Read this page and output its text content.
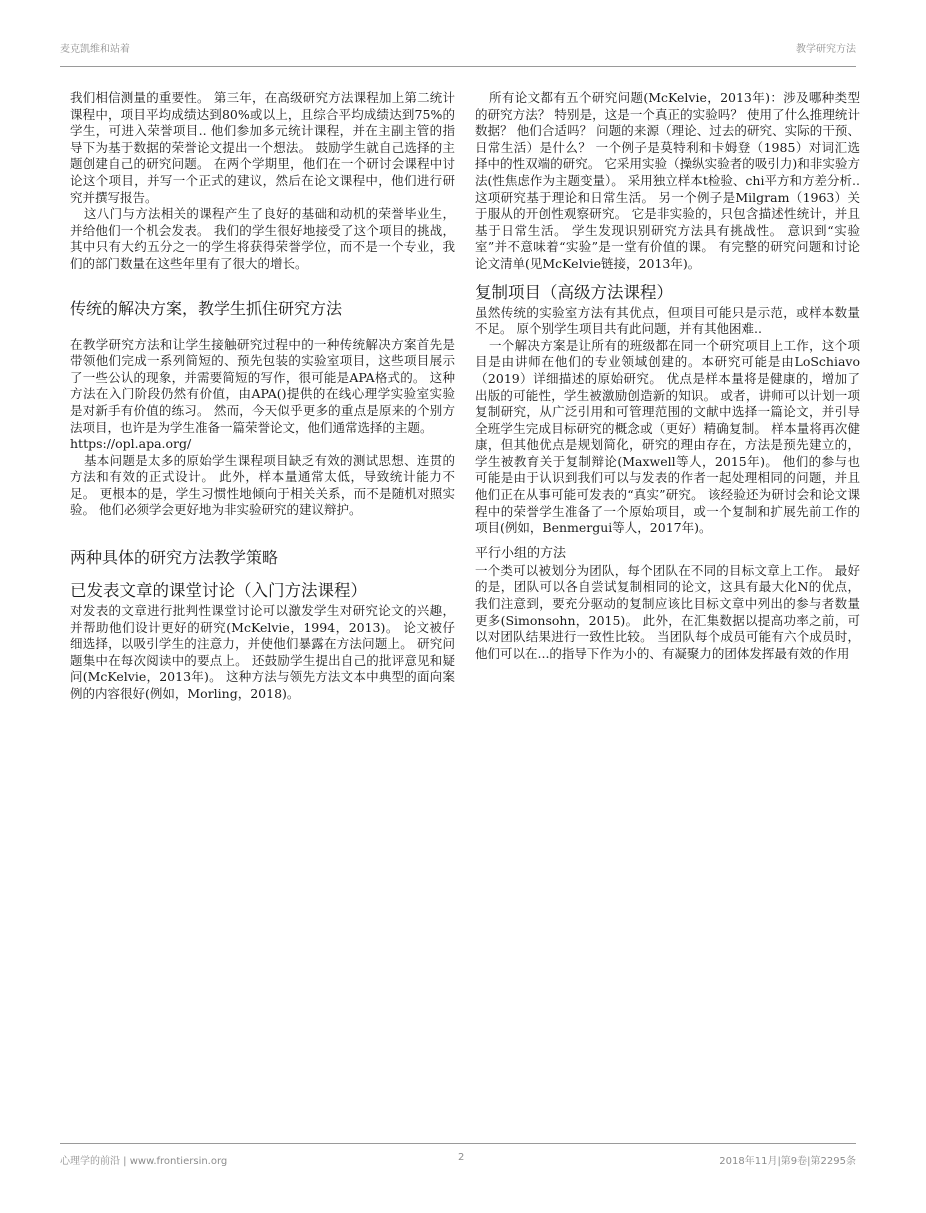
麦克凯维和站着	教学研究方法

我们相信测量的重要性。 第三年，在高级研究方法课程加上第二统计课程中，项目平均成绩达到80%或以上，且综合平均成绩达到75%的学生，可进入荣誉项目.. 他们参加多元统计课程，并在主副主管的指导下为基于数据的荣誉论文提出一个想法。 鼓励学生就自己选择的主题创建自己的研究问题。 在两个学期里，他们在一个研讨会课程中讨论这个项目，并写一个正式的建议，然后在论文课程中，他们进行研究并撰写报告。

这八门与方法相关的课程产生了良好的基础和动机的荣誉毕业生，并给他们一个机会发表。 我们的学生很好地接受了这个项目的挑战，其中只有大约五分之一的学生将获得荣誉学位，而不是一个专业，我们的部门数量在这些年里有了很大的增长。

传统的解决方案，教学生抓住研究方法

在教学研究方法和让学生接触研究过程中的一种传统解决方案首先是带领他们完成一系列简短的、预先包装的实验室项目，这些项目展示了一些公认的现象，并需要简短的写作，很可能是APA格式的。 这种方法在入门阶段仍然有价值，由APA()提供的在线心理学实验室实验是对新手有价值的练习。 然而，今天似乎更多的重点是原来的个别方法项目，也许是为学生准备一篇荣誉论文，他们通常选择的主题。

https://opl.apa.org/

基本问题是太多的原始学生课程项目缺乏有效的测试思想、连贯的方法和有效的正式设计。 此外，样本量通常太低，导致统计能力不足。 更根本的是，学生习惯性地倾向于相关关系，而不是随机对照实验。 他们必须学会更好地为非实验研究的建议辩护。

两种具体的研究方法教学策略
已发表文章的课堂讨论（入门方法课程）

对发表的文章进行批判性课堂讨论可以激发学生对研究论文的兴趣，并帮助他们设计更好的研究(McKelvie，1994，2013)。 论文被仔细选择，以吸引学生的注意力，并使他们暴露在方法问题上。 研究问题集中在每次阅读中的要点上。 还鼓励学生提出自己的批评意见和疑问(McKelvie，2013年)。 这种方法与领先方法文本中典型的面向案例的内容很好(例如，Morling，2018)。

所有论文都有五个研究问题(McKelvie，2013年)：涉及哪种类型的研究方法？ 特别是，这是一个真正的实验吗？ 使用了什么推理统计数据？ 他们合适吗？ 问题的来源（理论、过去的研究、实际的干预、日常生活）是什么？ 一个例子是莫特利和卡姆登（1985）对词汇选择中的性双端的研究。 它采用实验（操纵实验者的吸引力)和非实验方法(性焦虑作为主题变量）。 采用独立样本t检验、chi平方和方差分析.. 这项研究基于理论和日常生活。 另一个例子是Milgram（1963）关于服从的开创性观察研究。 它是非实验的，只包含描述性统计，并且基于日常生活。 学生发现识别研究方法具有挑战性。 意识到“实验室”并不意味着“实验”是一堂有价值的课。 有完整的研究问题和讨论论文清单(见McKelvie链接，2013年)。

复制项目（高级方法课程）

虽然传统的实验室方法有其优点，但项目可能只是示范，或样本数量不足。 原个别学生项目共有此问题，并有其他困难..

一个解决方案是让所有的班级都在同一个研究项目上工作，这个项目是由讲师在他们的专业领域创建的。本研究可能是由LoSchiavo（2019）详细描述的原始研究。 优点是样本量将是健康的，增加了出版的可能性，学生被激励创造新的知识。 或者，讲师可以计划一项复制研究，从广泛引用和可管理范围的文献中选择一篇论文，并引导全班学生完成目标研究的概念或（更好）精确复制。 样本量将再次健康，但其他优点是规划简化，研究的理由存在，方法是预先建立的，学生被教育关于复制辩论(Maxwell等人，2015年)。 他们的参与也可能是由于认识到我们可以与发表的作者一起处理相同的问题，并且他们正在从事可能可发表的“真实”研究。 该经验还为研讨会和论文课程中的荣誉学生准备了一个原始项目，或一个复制和扩展先前工作的项目(例如，Benmergui等人，2017年)。

平行小组的方法

一个类可以被划分为团队，每个团队在不同的目标文章上工作。 最好的是，团队可以各自尝试复制相同的论文，这具有最大化N的优点，我们注意到，要充分驱动的复制应该比目标文章中列出的参与者数量更多(Simonsohn，2015)。 此外，在汇集数据以提高功率之前，可以对团队结果进行一致性比较。 当团队每个成员可能有六个成员时，他们可以在...的指导下作为小的、有凝聚力的团体发挥最有效的作用

心理学的前沿 | www.frontiersin.org	2	2018年11月|第9卷|第2295条
